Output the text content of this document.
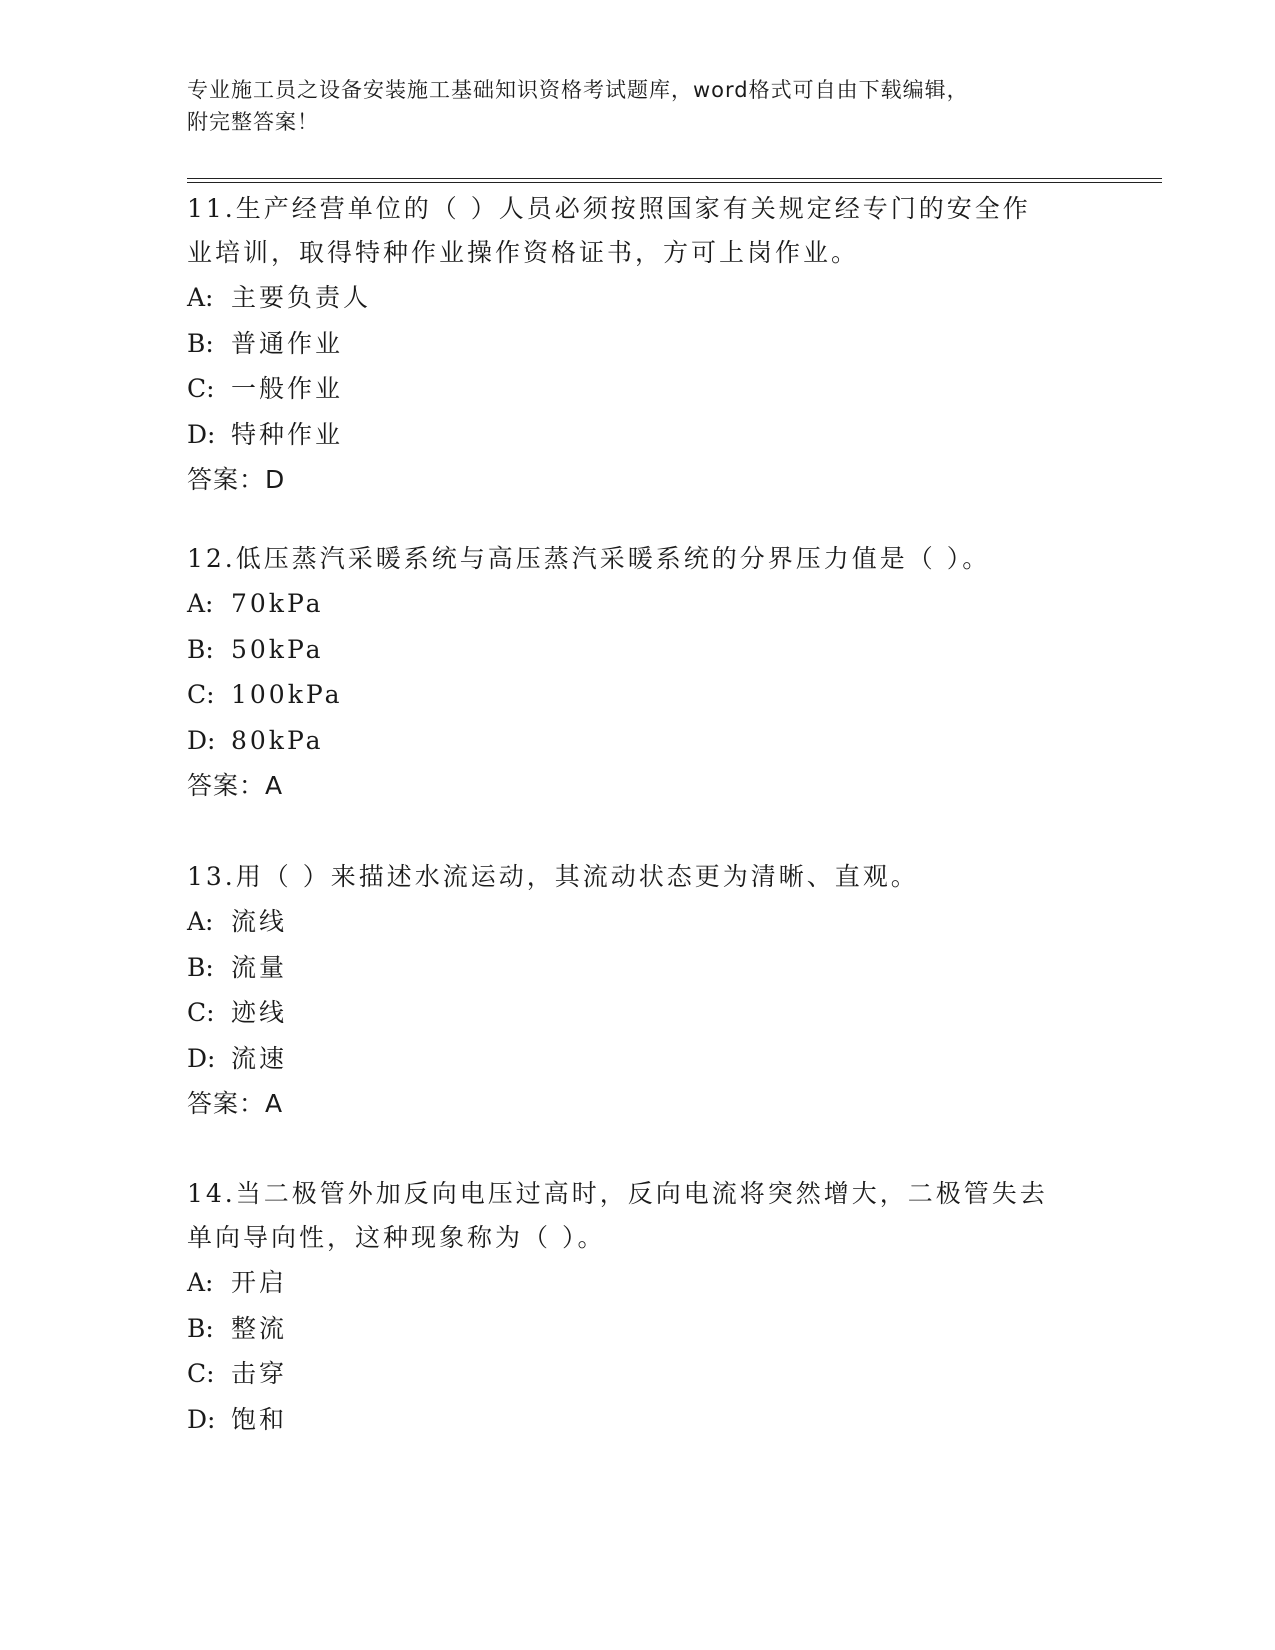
专业施工员之设备安装施工基础知识资格考试题库，word格式可自由下载编辑，
附完整答案！
11.生产经营单位的（ ）人员必须按照国家有关规定经专门的安全作
业培训，取得特种作业操作资格证书，方可上岗作业。
A: 主要负责人
B: 普通作业
C: 一般作业
D: 特种作业
答案：D
12.低压蒸汽采暖系统与高压蒸汽采暖系统的分界压力值是（ ）。
A: 70kPa
B: 50kPa
C: 100kPa
D: 80kPa
答案：A
13.用（ ）来描述水流运动，其流动状态更为清晰、直观。
A: 流线
B: 流量
C: 迹线
D: 流速
答案：A
14.当二极管外加反向电压过高时，反向电流将突然增大，二极管失去
单向导向性，这种现象称为（ ）。
A: 开启
B: 整流
C: 击穿
D: 饱和
